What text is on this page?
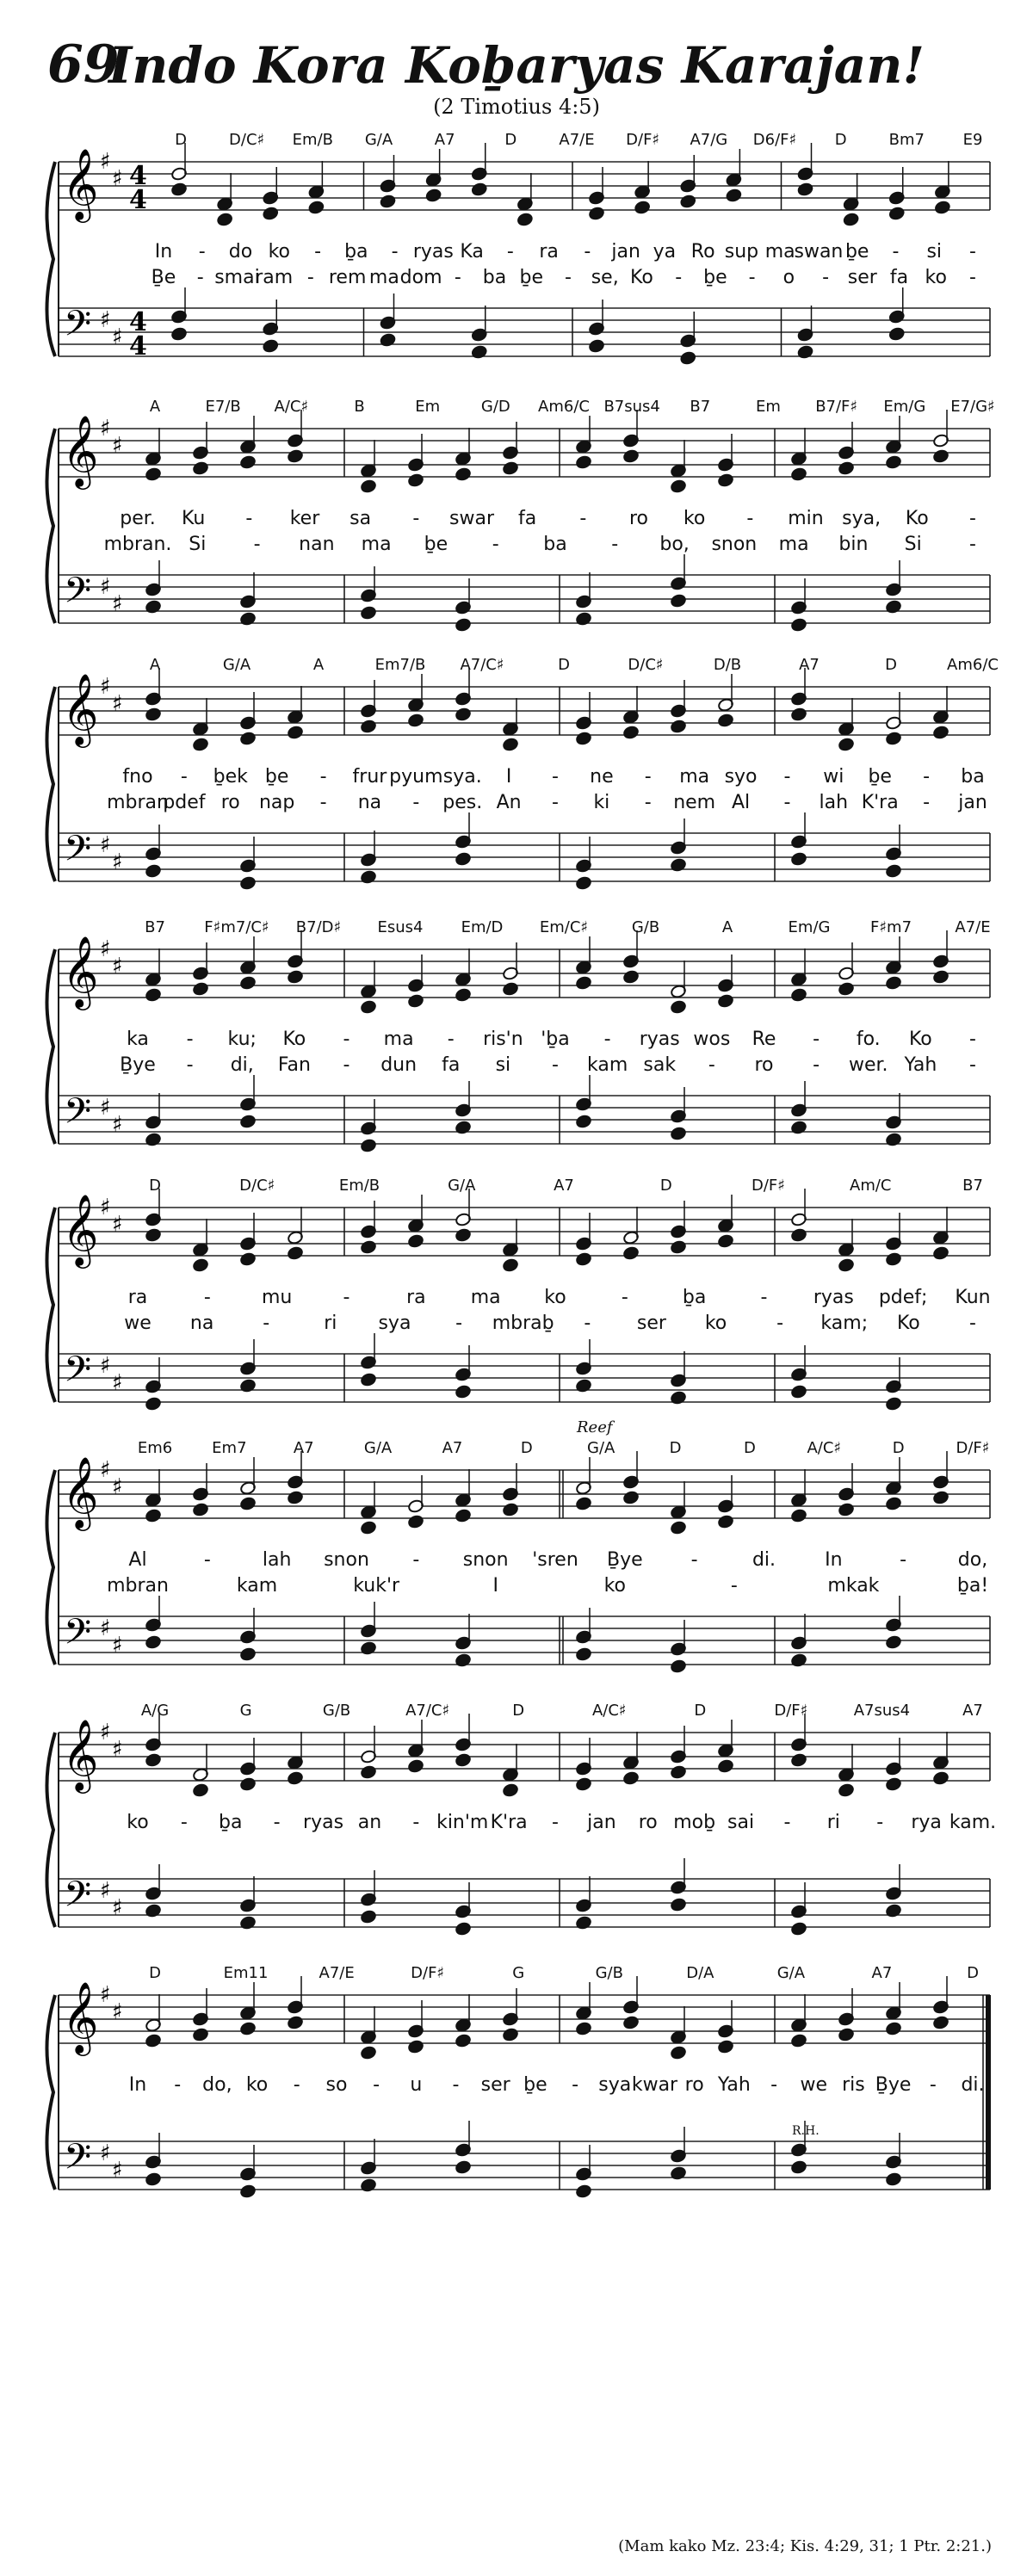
69
Indo Kora Koḇaryas Karajan!
(2 Timotius 4:5)
𝄞
𝄢
♯
♯
♯
♯
4
4
4
4
D	D/C♯ Em/B G/A	A7	D	A7/E D/F♯ A7/G D6/F♯ D	Bm7 E9
In - do ko - ḇa - ryas Ka - ra - jan ya Ro sup ma
swan ḇe - si -
Ḇe - smai
ram - rem ma dom - ba ḇe - se, Ko - ḇe - o - ser fa ko -
𝄞
𝄢
♯
♯
♯
♯
A	E7/B A/C♯	B	Em	G/D Am6/C B7sus4 B7	Em B7/F♯ Em/G E7/G♯
per. Ku - ker sa - swar fa - ro ko - min sya, Ko -
mbran. Si	- nan ma ḇe - ba - bo, snon ma bin Si	-
𝄞
𝄢
♯
♯
♯
♯
A	G/A	A	Em7/B A7/C♯	D	D/C♯	D/B	A7	D	Am6/C
fno - ḇek ḇe - frur pyum sya. I - ne - ma syo - wi ḇe - ba
mbran
pdef ro nap - na - pes. An - ki - nem Al - lah K'ra - jan
𝄞
𝄢
♯
♯
♯
♯
B7	F♯m7/C♯ B7/D♯ Esus4 Em/D Em/C♯	G/B	A	Em/G	F♯m7	A7/E
ka - ku; Ko - ma - ris'n 'ḇa - ryas wos Re - fo. Ko -
Ḇye - di, Fan - dun fa si - kam sak - ro - wer. Yah -
𝄞
𝄢
♯
♯
♯
♯
D	D/C♯	Em/B	G/A	A7	D	D/F♯	Am/C	B7
ra	-	mu	-	ra ma ko	-	ḇa	- ryas pdef; Kun
we na	-	ri sya - mbraḇ - ser ko	- kam; Ko	-
𝄞
𝄢
♯
♯
♯
♯
Em6	Em7	A7	G/A	A7	D	G/A	D	D	A/C♯	D	D/F♯
Al	-	lah snon - snon 'sren Ḇye	-	di.	In	-	do,
mbran	kam	kuk'r	I	ko	-	mkak	ḇa!
Reef
𝄞
𝄢
♯
♯
♯
♯
A/G	G	G/B	A7/C♯	D	A/C♯	D	D/F♯	A7sus4	A7
ko - ḇa - ryas an - kin'm K'ra - jan ro moḇ sai - ri - rya kam.
𝄞
𝄢
♯
♯
♯
♯
D	Em11	A7/E	D/F♯	G	G/B	D/A	G/A	A7	D
In - do, ko - so - u - ser ḇe - sya kwar ro Yah - we ris Ḇye - di.
R.H.
(Mam kako Mz. 23:4; Kis. 4:29, 31; 1 Ptr. 2:21.)
